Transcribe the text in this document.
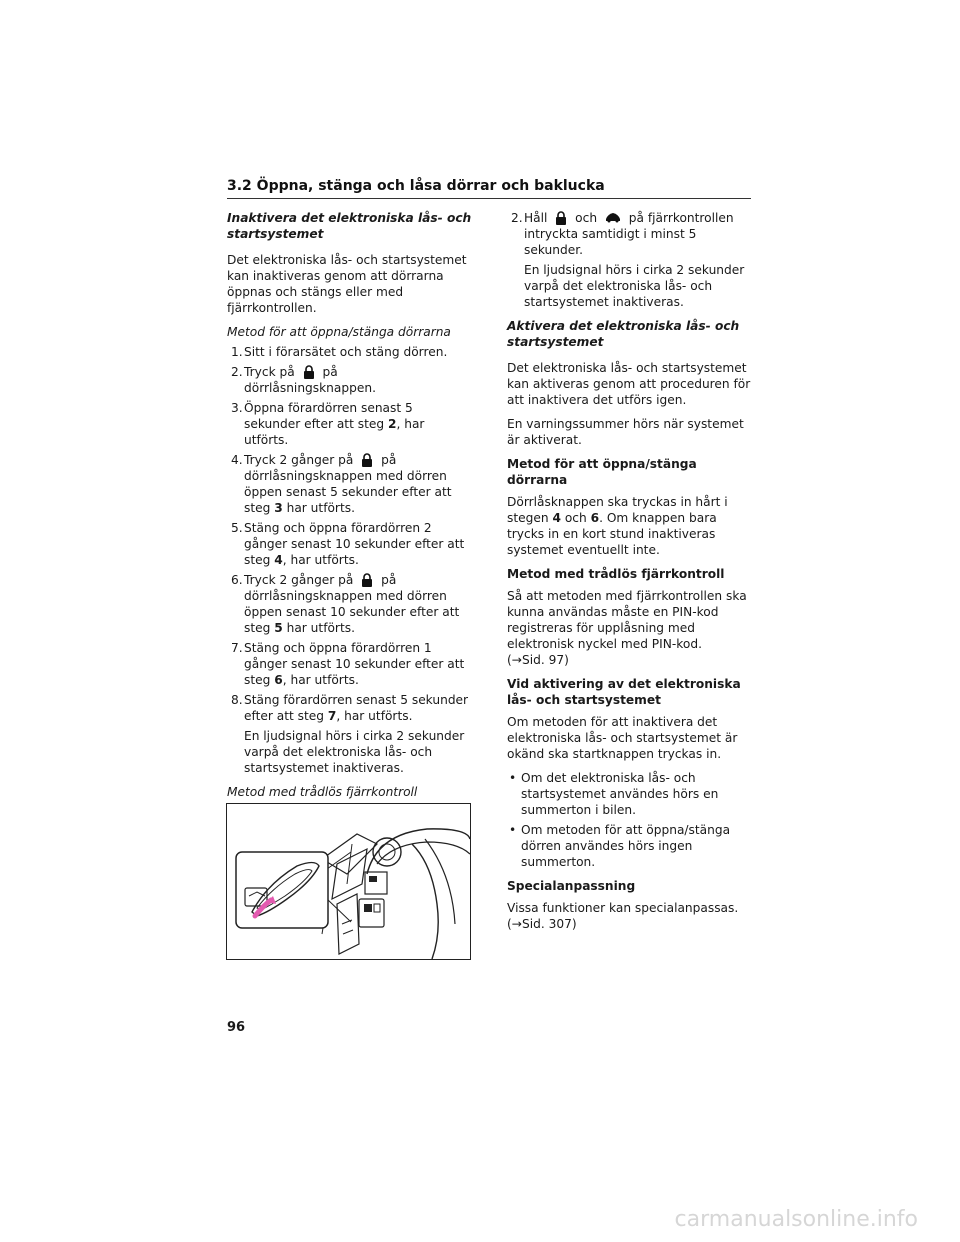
3.2 Öppna, stänga och låsa dörrar och baklucka
Inaktivera det elektroniska lås- och startsystemet

Det elektroniska lås- och startsystemet kan inaktiveras genom att dörrarna öppnas och stängs eller med fjärrkontrollen.

Metod för att öppna/stänga dörrarna
1. Sitt i förarsätet och stäng dörren.
2. Tryck på på dörrlåsningsknappen.
3. Öppna förardörren senast 5 sekunder efter att steg 2, har utförts.
4. Tryck 2 gånger på på dörrlåsningsknappen med dörren öppen senast 5 sekunder efter att steg 3 har utförts.
5. Stäng och öppna förardörren 2 gånger senast 10 sekunder efter att steg 4, har utförts.
6. Tryck 2 gånger på på dörrlåsningsknappen med dörren öppen senast 10 sekunder efter att steg 5 har utförts.
7. Stäng och öppna förardörren 1 gånger senast 10 sekunder efter att steg 6, har utförts.
8. Stäng förardörren senast 5 sekunder efter att steg 7, har utförts.
En ljudsignal hörs i cirka 2 sekunder varpå det elektroniska lås- och startsystemet inaktiveras.
Metod med trådlös fjärrkontroll
2. Håll och	på fjärrkontrollen intryckta samtidigt i minst 5 sekunder.
En ljudsignal hörs i cirka 2 sekunder varpå det elektroniska lås- och startsystemet inaktiveras.
Aktivera det elektroniska lås- och startsystemet

Det elektroniska lås- och startsystemet kan aktiveras genom att proceduren för att inaktivera det utförs igen.

En varningssummer hörs när systemet är aktiverat.

Metod för att öppna/stänga dörrarna

Dörrlåsknappen ska tryckas in hårt i stegen 4 och 6. Om knappen bara trycks in en kort stund inaktiveras systemet eventuellt inte.

Metod med trådlös fjärrkontroll

Så att metoden med fjärrkontrollen ska kunna användas måste en PIN-kod registreras för upplåsning med elektronisk nyckel med PIN-kod.
(→Sid. 97)

Vid aktivering av det elektroniska lås- och startsystemet

Om metoden för att inaktivera det elektroniska lås- och startsystemet är okänd ska startknappen tryckas in.

• Om det elektroniska lås- och startsystemet användes hörs en summerton i bilen.
• Om metoden för att öppna/stänga dörren användes hörs ingen summerton.
Specialanpassning

Vissa funktioner kan specialanpassas.
(→Sid. 307)

96
carmanualsonline.info
